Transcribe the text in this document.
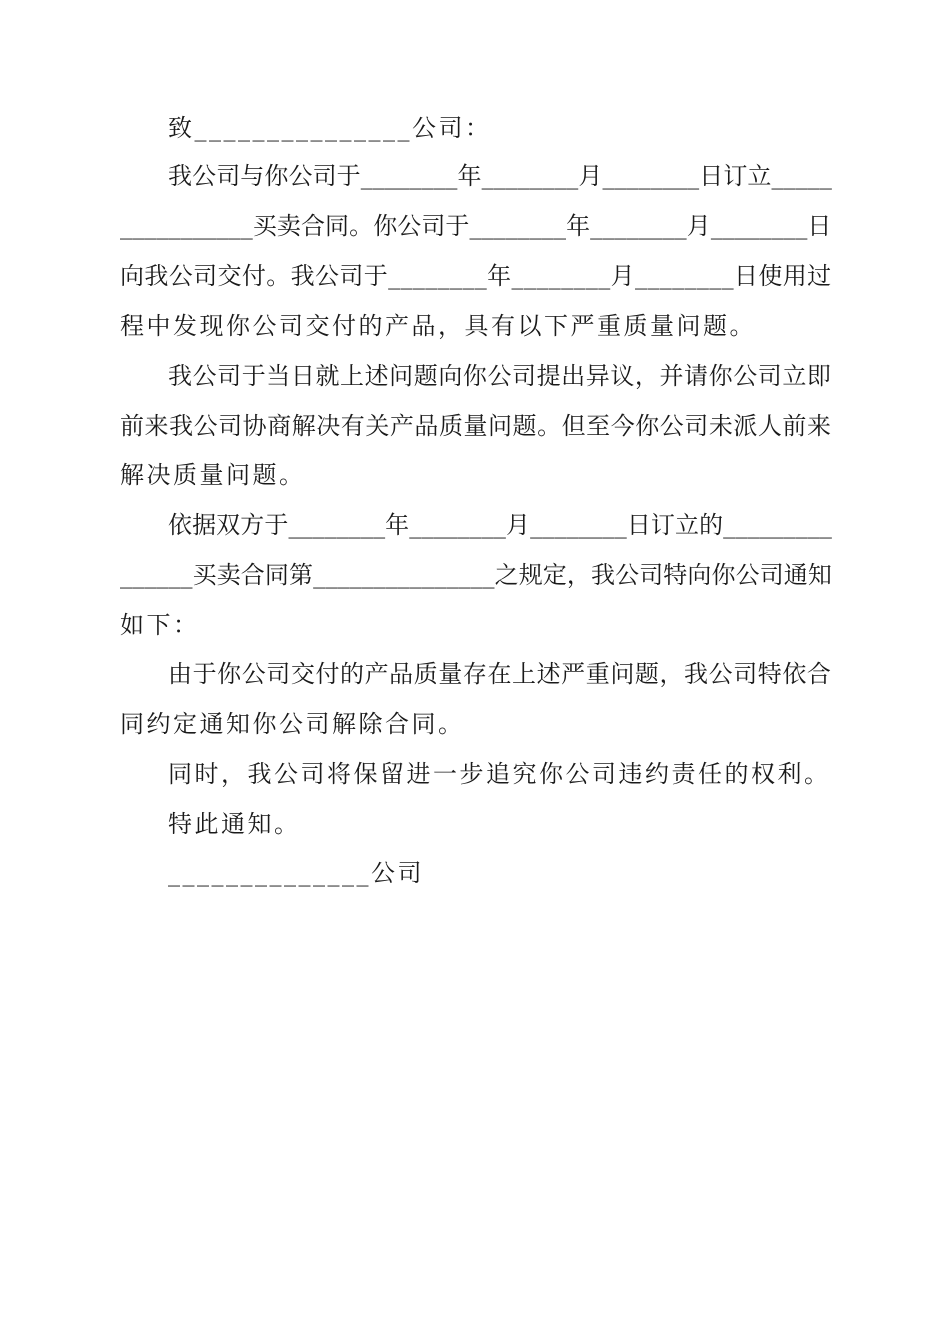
致_______________公司：
我公司与你公司于________年________月________日订立_____
___________买卖合同。你公司于________年________月________日
向我公司交付。我公司于________年________月________日使用过
程中发现你公司交付的产品，具有以下严重质量问题。
我公司于当日就上述问题向你公司提出异议，并请你公司立即
前来我公司协商解决有关产品质量问题。但至今你公司未派人前来
解决质量问题。
依据双方于________年________月________日订立的_________
______买卖合同第_______________之规定，我公司特向你公司通知
如下：
由于你公司交付的产品质量存在上述严重问题，我公司特依合
同约定通知你公司解除合同。
同时，我公司将保留进一步追究你公司违约责任的权利。
特此通知。
______________公司
